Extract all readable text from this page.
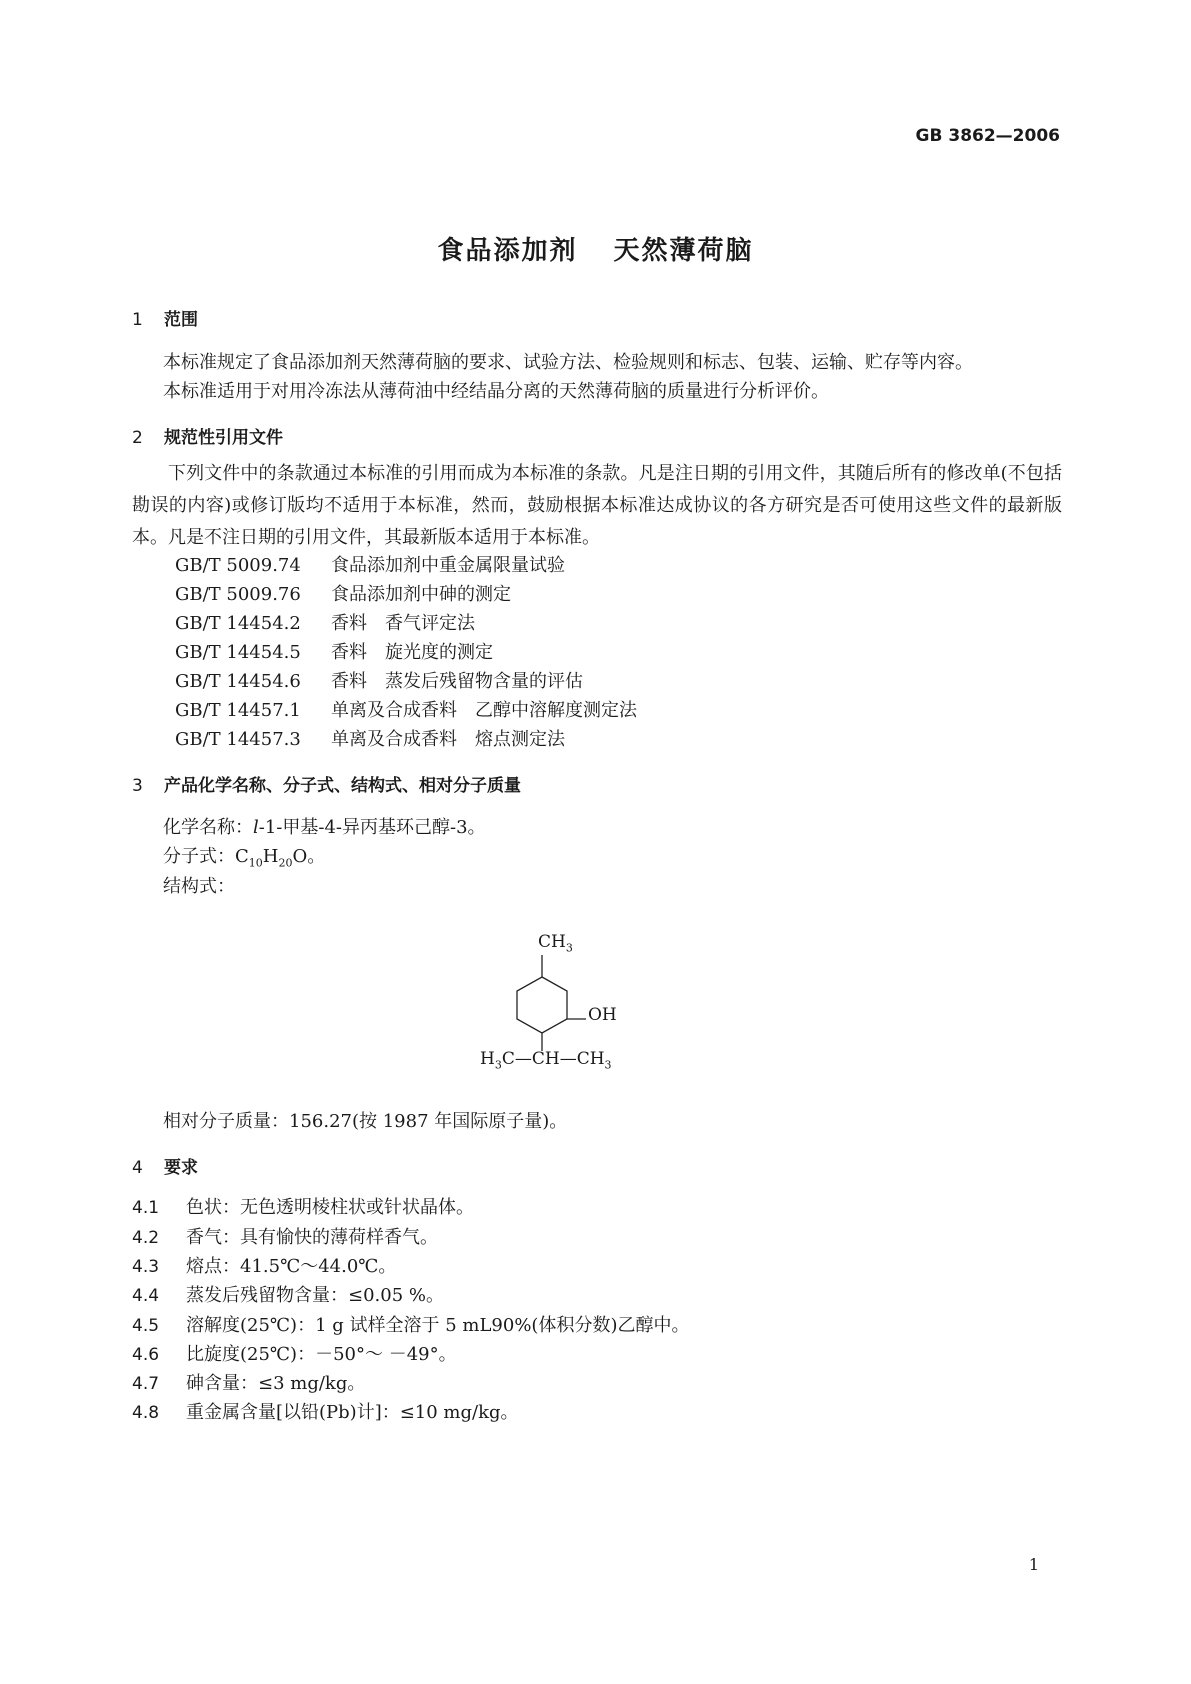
GB 3862—2006
食品添加剂 天然薄荷脑
1 范围
本标准规定了食品添加剂天然薄荷脑的要求、试验方法、检验规则和标志、包装、运输、贮存等内容。
本标准适用于对用冷冻法从薄荷油中经结晶分离的天然薄荷脑的质量进行分析评价。
2 规范性引用文件
下列文件中的条款通过本标准的引用而成为本标准的条款。凡是注日期的引用文件，其随后所有的修改单(不包括勘误的内容)或修订版均不适用于本标准，然而，鼓励根据本标准达成协议的各方研究是否可使用这些文件的最新版本。凡是不注日期的引用文件，其最新版本适用于本标准。
GB/T 5009.74 食品添加剂中重金属限量试验
GB/T 5009.76 食品添加剂中砷的测定
GB/T 14454.2 香料　香气评定法
GB/T 14454.5 香料　旋光度的测定
GB/T 14454.6 香料　蒸发后残留物含量的评估
GB/T 14457.1 单离及合成香料　乙醇中溶解度测定法
GB/T 14457.3 单离及合成香料　熔点测定法
3 产品化学名称、分子式、结构式、相对分子质量
化学名称：l-1-甲基-4-异丙基环己醇-3。
分子式：$C_{10}H_{20}O$。
结构式：
$CH_3$
OH
$H_3C—CH—CH_3$
相对分子质量：156.27(按 1987 年国际原子量)。
4 要求
4.1 色状：无色透明棱柱状或针状晶体。
4.2 香气：具有愉快的薄荷样香气。
4.3 熔点：41.5℃～44.0℃。
4.4 蒸发后残留物含量：≤0.05 %。
4.5 溶解度(25℃)：1 g 试样全溶于 5 mL90%(体积分数)乙醇中。
4.6 比旋度(25℃)：－50°～ －49°。
4.7 砷含量：≤3 mg/kg。
4.8 重金属含量[以铅(Pb)计]：≤10 mg/kg。
1
